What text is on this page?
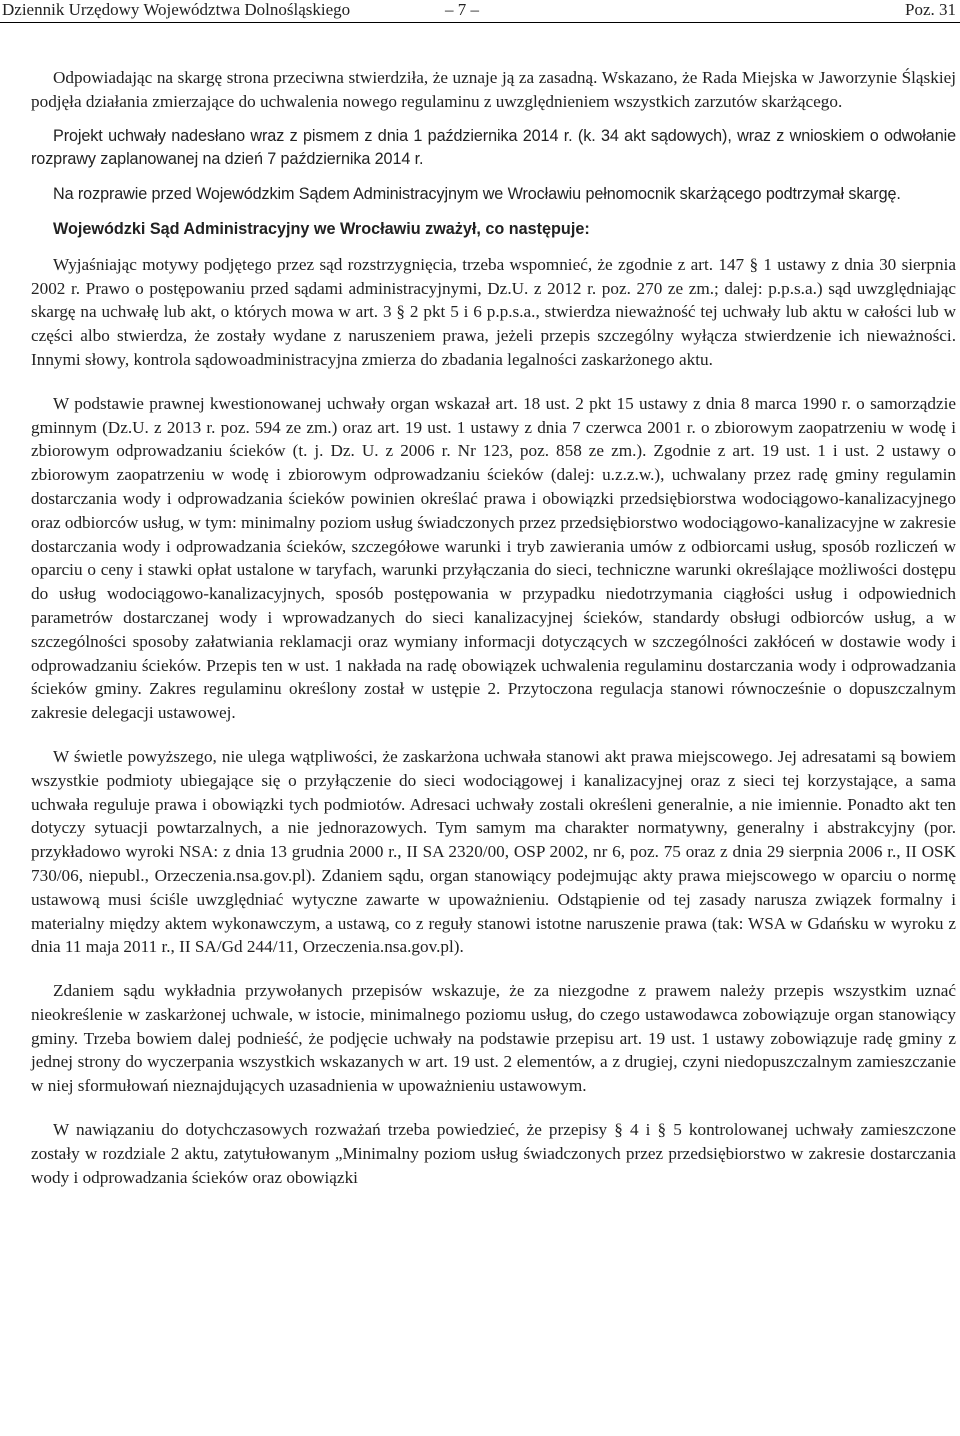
Dziennik Urzędowy Województwa Dolnośląskiego	– 7 –	Poz. 31

Odpowiadając na skargę strona przeciwna stwierdziła, że uznaje ją za zasadną. Wskazano, że Rada Miejska w Jaworzynie Śląskiej podjęła działania zmierzające do uchwalenia nowego regulaminu z uwzględnieniem wszystkich zarzutów skarżącego.

Projekt uchwały nadesłano wraz z pismem z dnia 1 października 2014 r. (k. 34 akt sądowych), wraz z wnioskiem o odwołanie rozprawy zaplanowanej na dzień 7 października 2014 r.

Na rozprawie przed Wojewódzkim Sądem Administracyjnym we Wrocławiu pełnomocnik skarżącego podtrzymał skargę.

Wojewódzki Sąd Administracyjny we Wrocławiu zważył, co następuje:

Wyjaśniając motywy podjętego przez sąd rozstrzygnięcia, trzeba wspomnieć, że zgodnie z art. 147 § 1 ustawy z dnia 30 sierpnia 2002 r. Prawo o postępowaniu przed sądami administracyjnymi, Dz.U. z 2012 r. poz. 270 ze zm.; dalej: p.p.s.a.) sąd uwzględniając skargę na uchwałę lub akt, o których mowa w art. 3 § 2 pkt 5 i 6 p.p.s.a., stwierdza nieważność tej uchwały lub aktu w całości lub w części albo stwierdza, że zostały wydane z naruszeniem prawa, jeżeli przepis szczególny wyłącza stwierdzenie ich nieważności. Innymi słowy, kontrola sądowoadministracyjna zmierza do zbadania legalności zaskarżonego aktu.

W podstawie prawnej kwestionowanej uchwały organ wskazał art. 18 ust. 2 pkt 15 ustawy z dnia 8 marca 1990 r. o samorządzie gminnym (Dz.U. z 2013 r. poz. 594 ze zm.) oraz art. 19 ust. 1 ustawy z dnia 7 czerwca 2001 r. o zbiorowym zaopatrzeniu w wodę i zbiorowym odprowadzaniu ścieków (t. j. Dz. U. z 2006 r. Nr 123, poz. 858 ze zm.). Zgodnie z art. 19 ust. 1 i ust. 2 ustawy o zbiorowym zaopatrzeniu w wodę i zbiorowym odprowadzaniu ścieków (dalej: u.z.z.w.), uchwalany przez radę gminy regulamin dostarczania wody i odprowadzania ścieków powinien określać prawa i obowiązki przedsiębiorstwa wodociągowo-kanalizacyjnego oraz odbiorców usług, w tym: minimalny poziom usług świadczonych przez przedsiębiorstwo wodociągowo-kanalizacyjne w zakresie dostarczania wody i odprowadzania ścieków, szczegółowe warunki i tryb zawierania umów z odbiorcami usług, sposób rozliczeń w oparciu o ceny i stawki opłat ustalone w taryfach, warunki przyłączania do sieci, techniczne warunki określające możliwości dostępu do usług wodociągowo-kanalizacyjnych, sposób postępowania w przypadku niedotrzymania ciągłości usług i odpowiednich parametrów dostarczanej wody i wprowadzanych do sieci kanalizacyjnej ścieków, standardy obsługi odbiorców usług, a w szczególności sposoby załatwiania reklamacji oraz wymiany informacji dotyczących w szczególności zakłóceń w dostawie wody i odprowadzaniu ścieków. Przepis ten w ust. 1 nakłada na radę obowiązek uchwalenia regulaminu dostarczania wody i odprowadzania ścieków gminy. Zakres regulaminu określony został w ustępie 2. Przytoczona regulacja stanowi równocześnie o dopuszczalnym zakresie delegacji ustawowej.

W świetle powyższego, nie ulega wątpliwości, że zaskarżona uchwała stanowi akt prawa miejscowego. Jej adresatami są bowiem wszystkie podmioty ubiegające się o przyłączenie do sieci wodociągowej i kanalizacyjnej oraz z sieci tej korzystające, a sama uchwała reguluje prawa i obowiązki tych podmiotów. Adresaci uchwały zostali określeni generalnie, a nie imiennie. Ponadto akt ten dotyczy sytuacji powtarzalnych, a nie jednorazowych. Tym samym ma charakter normatywny, generalny i abstrakcyjny (por. przykładowo wyroki NSA: z dnia 13 grudnia 2000 r., II SA 2320/00, OSP 2002, nr 6, poz. 75 oraz z dnia 29 sierpnia 2006 r., II OSK 730/06, niepubl., Orzeczenia.nsa.gov.pl). Zdaniem sądu, organ stanowiący podejmując akty prawa miejscowego w oparciu o normę ustawową musi ściśle uwzględniać wytyczne zawarte w upoważnieniu. Odstąpienie od tej zasady narusza związek formalny i materialny między aktem wykonawczym, a ustawą, co z reguły stanowi istotne naruszenie prawa (tak: WSA w Gdańsku w wyroku z dnia 11 maja 2011 r., II SA/Gd 244/11, Orzeczenia.nsa.gov.pl).

Zdaniem sądu wykładnia przywołanych przepisów wskazuje, że za niezgodne z prawem należy przepis wszystkim uznać nieokreślenie w zaskarżonej uchwale, w istocie, minimalnego poziomu usług, do czego ustawodawca zobowiązuje organ stanowiący gminy. Trzeba bowiem dalej podnieść, że podjęcie uchwały na podstawie przepisu art. 19 ust. 1 ustawy zobowiązuje radę gminy z jednej strony do wyczerpania wszystkich wskazanych w art. 19 ust. 2 elementów, a z drugiej, czyni niedopuszczalnym zamieszczanie w niej sformułowań nieznajdujących uzasadnienia w upoważnieniu ustawowym.

W nawiązaniu do dotychczasowych rozważań trzeba powiedzieć, że przepisy § 4 i § 5 kontrolowanej uchwały zamieszczone zostały w rozdziale 2 aktu, zatytułowanym „Minimalny poziom usług świadczonych przez przedsiębiorstwo w zakresie dostarczania wody i odprowadzania ścieków oraz obowiązki
